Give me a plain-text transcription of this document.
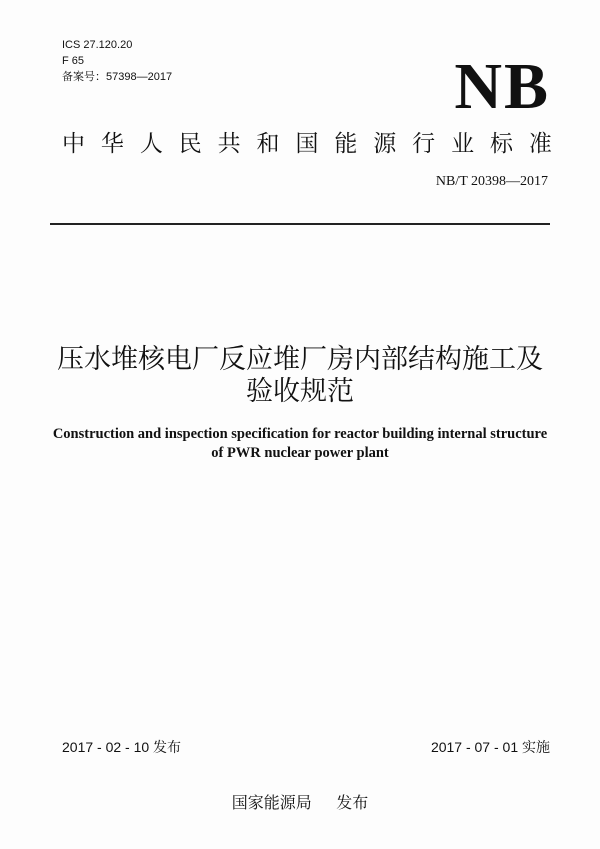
ICS 27.120.20
F 65
备案号：57398—2017	NB
中 华 人 民 共 和 国 能 源 行 业 标 准
NB/T 20398—2017
压水堆核电厂反应堆厂房内部结构施工及
验收规范
Construction and inspection specification for reactor building internal structure
of PWR nuclear power plant
2017 - 02 - 10 发布	2017 - 07 - 01 实施
国家能源局 发布
